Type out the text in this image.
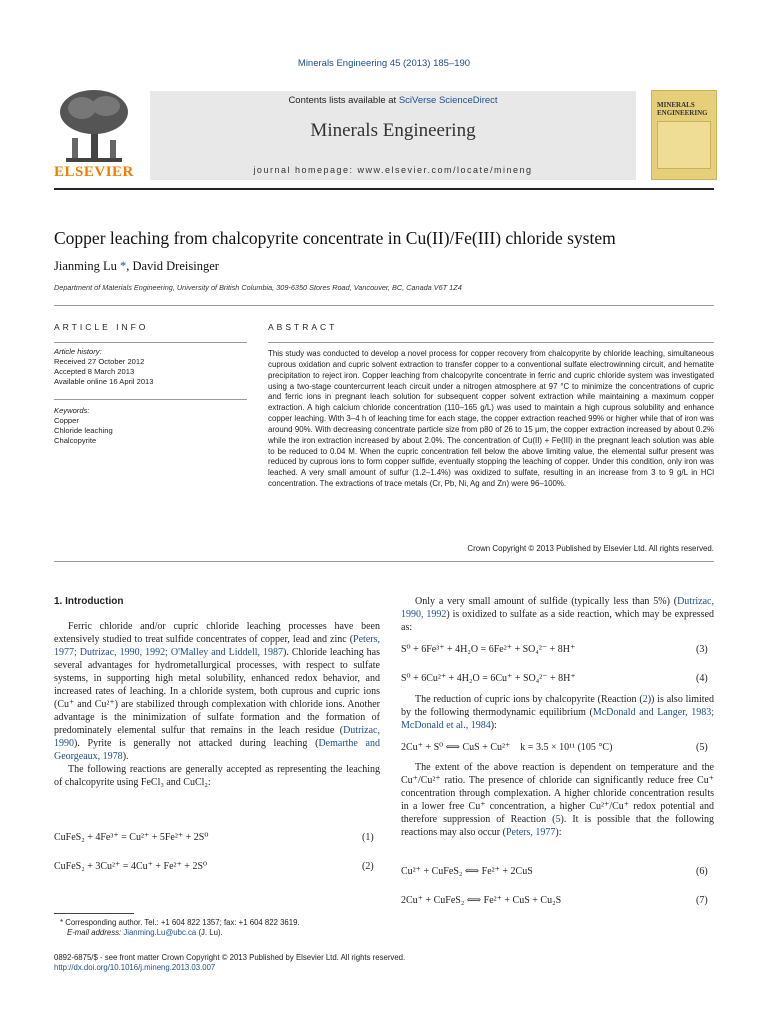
Minerals Engineering 45 (2013) 185–190
ELSEVIER
Contents lists available at SciVerse ScienceDirect
Minerals Engineering
journal homepage: www.elsevier.com/locate/mineng
MINERALS
ENGINEERING
Copper leaching from chalcopyrite concentrate in Cu(II)/Fe(III) chloride system
Jianming Lu *, David Dreisinger
Department of Materials Engineering, University of British Columbia, 309-6350 Stores Road, Vancouver, BC, Canada V6T 1Z4
ARTICLE INFO
Article history:
Received 27 October 2012
Accepted 8 March 2013
Available online 16 April 2013
Keywords:
Copper
Chloride leaching
Chalcopyrite
ABSTRACT
This study was conducted to develop a novel process for copper recovery from chalcopyrite by chloride leaching, simultaneous cuprous oxidation and cupric solvent extraction to transfer copper to a conventional sulfate electrowinning circuit, and hematite precipitation to reject iron. Copper leaching from chalcopyrite concentrate in ferric and cupric chloride system was investigated using a two-stage countercurrent leach circuit under a nitrogen atmosphere at 97 °C to minimize the concentrations of cupric and ferric ions in pregnant leach solution for subsequent copper solvent extraction while maintaining a maximum copper extraction. A high calcium chloride concentration (110–165 g/L) was used to maintain a high cuprous solubility and enhance copper leaching. With 3–4 h of leaching time for each stage, the copper extraction reached 99% or higher while that of iron was around 90%. With decreasing concentrate particle size from p80 of 26 to 15 μm, the copper extraction increased by about 0.2% while the iron extraction increased by about 2.0%. The concentration of Cu(II) + Fe(III) in the pregnant leach solution was able to be reduced to 0.04 M. When the cupric concentration fell below the above limiting value, the elemental sulfur present was reduced by cuprous ions to form copper sulfide, eventually stopping the leaching of copper. Under this condition, only iron was leached. A very small amount of sulfur (1.2–1.4%) was oxidized to sulfate, resulting in an increase from 3 to 9 g/L in HCl concentration. The extractions of trace metals (Cr, Pb, Ni, Ag and Zn) were 96–100%.
Crown Copyright © 2013 Published by Elsevier Ltd. All rights reserved.
1. Introduction

Ferric chloride and/or cupric chloride leaching processes have been extensively studied to treat sulfide concentrates of copper, lead and zinc (Peters, 1977; Dutrizac, 1990, 1992; O'Malley and Liddell, 1987). Chloride leaching has several advantages for hydrometallurgical processes, with respect to sulfate systems, in supporting high metal solubility, enhanced redox behavior, and increased rates of leaching. In a chloride system, both cuprous and cupric ions (Cu⁺ and Cu²⁺) are stabilized through complexation with chloride ions. Another advantage is the minimization of sulfate formation and the formation of predominately elemental sulfur that remains in the leach residue (Dutrizac, 1990). Pyrite is generally not attacked during leaching (Demarthe and Georgeaux, 1978).

The following reactions are generally accepted as representing the leaching of chalcopyrite using FeCl₃ and CuCl₂:

CuFeS₂ + 4Fe³⁺ = Cu²⁺ + 5Fe²⁺ + 2S⁰	(1)
CuFeS₂ + 3Cu²⁺ = 4Cu⁺ + Fe²⁺ + 2S⁰	(2)

Only a very small amount of sulfide (typically less than 5%) (Dutrizac, 1990, 1992) is oxidized to sulfate as a side reaction, which may be expressed as:

S⁰ + 6Fe³⁺ + 4H₂O = 6Fe²⁺ + SO₄²⁻ + 8H⁺	(3)
S⁰ + 6Cu²⁺ + 4H₂O = 6Cu⁺ + SO₄²⁻ + 8H⁺	(4)

The reduction of cupric ions by chalcopyrite (Reaction (2)) is also limited by the following thermodynamic equilibrium (McDonald and Langer, 1983; McDonald et al., 1984):

2Cu⁺ + S⁰ ⟺ CuS + Cu²⁺    k = 3.5 × 10¹¹ (105 °C)	(5)

The extent of the above reaction is dependent on temperature and the Cu⁺/Cu²⁺ ratio. The presence of chloride can significantly reduce free Cu⁺ concentration through complexation. A higher chloride concentration results in a lower free Cu⁺ concentration, a higher Cu²⁺/Cu⁺ redox potential and therefore suppression of Reaction (5). It is possible that the following reactions may also occur (Peters, 1977):

Cu²⁺ + CuFeS₂ ⟺ Fe²⁺ + 2CuS	(6)
2Cu⁺ + CuFeS₂ ⟺ Fe²⁺ + CuS + Cu₂S	(7)
* Corresponding author. Tel.: +1 604 822 1357; fax: +1 604 822 3619.
E-mail address: Jianming.Lu@ubc.ca (J. Lu).
0892-6875/$ - see front matter Crown Copyright © 2013 Published by Elsevier Ltd. All rights reserved.
http://dx.doi.org/10.1016/j.mineng.2013.03.007
